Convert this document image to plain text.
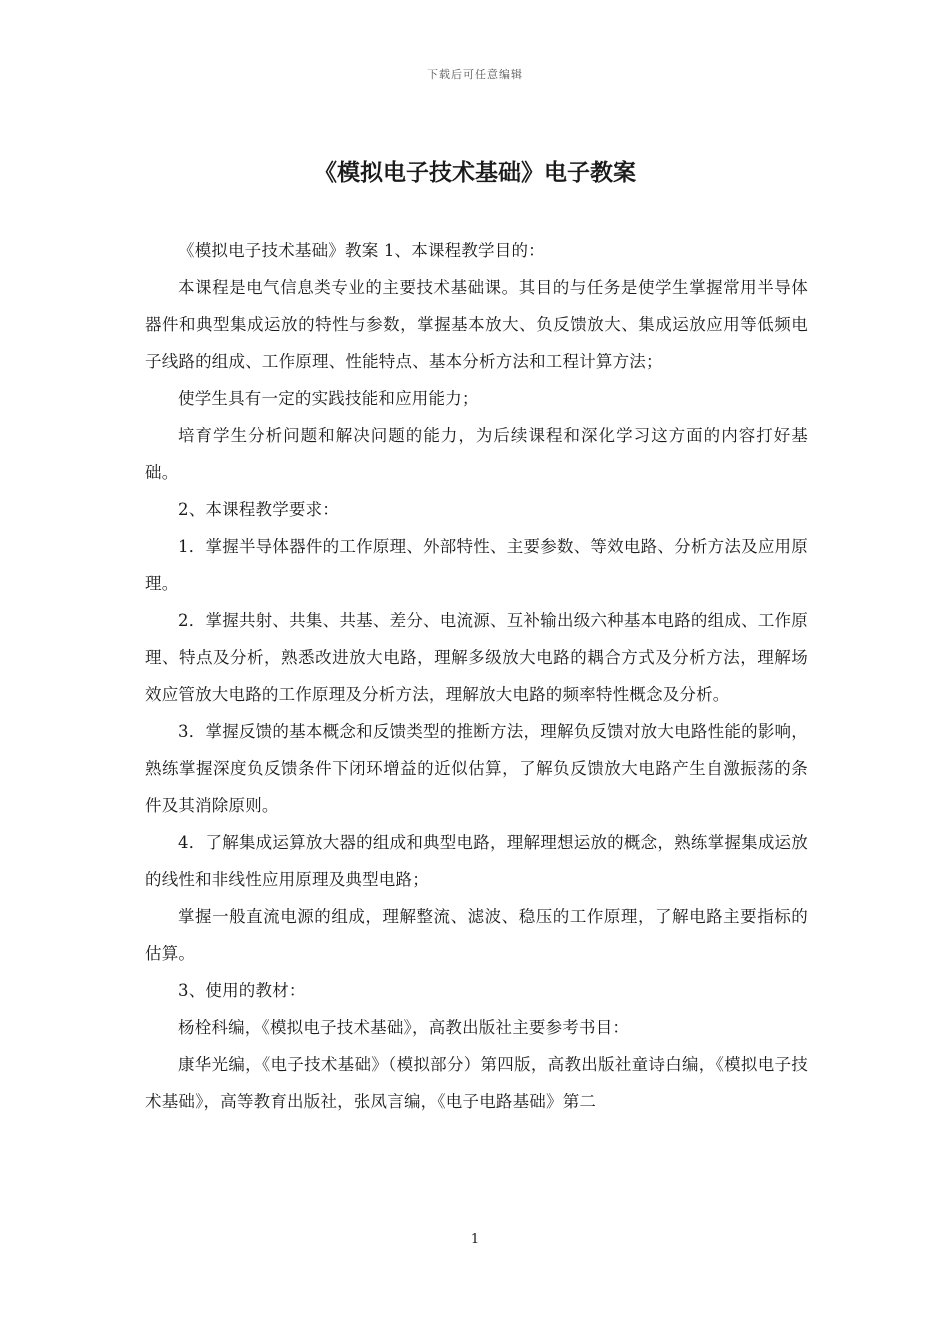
下载后可任意编辑
《模拟电子技术基础》电子教案

《模拟电子技术基础》教案 1、本课程教学目的：

本课程是电气信息类专业的主要技术基础课。其目的与任务是使学生掌握常用半导体器件和典型集成运放的特性与参数，掌握基本放大、负反馈放大、集成运放应用等低频电子线路的组成、工作原理、性能特点、基本分析方法和工程计算方法；

使学生具有一定的实践技能和应用能力；

培育学生分析问题和解决问题的能力，为后续课程和深化学习这方面的内容打好基础。

2、本课程教学要求：

1．掌握半导体器件的工作原理、外部特性、主要参数、等效电路、分析方法及应用原理。

2．掌握共射、共集、共基、差分、电流源、互补输出级六种基本电路的组成、工作原理、特点及分析，熟悉改进放大电路，理解多级放大电路的耦合方式及分析方法，理解场效应管放大电路的工作原理及分析方法，理解放大电路的频率特性概念及分析。

3．掌握反馈的基本概念和反馈类型的推断方法，理解负反馈对放大电路性能的影响，熟练掌握深度负反馈条件下闭环增益的近似估算，了解负反馈放大电路产生自激振荡的条件及其消除原则。

4．了解集成运算放大器的组成和典型电路，理解理想运放的概念，熟练掌握集成运放的线性和非线性应用原理及典型电路；

掌握一般直流电源的组成，理解整流、滤波、稳压的工作原理，了解电路主要指标的估算。

3、使用的教材：

杨栓科编，《模拟电子技术基础》，高教出版社主要参考书目：

康华光编，《电子技术基础》（模拟部分）第四版，高教出版社童诗白编，《模拟电子技术基础》，高等教育出版社，张凤言编，《电子电路基础》第二

1
